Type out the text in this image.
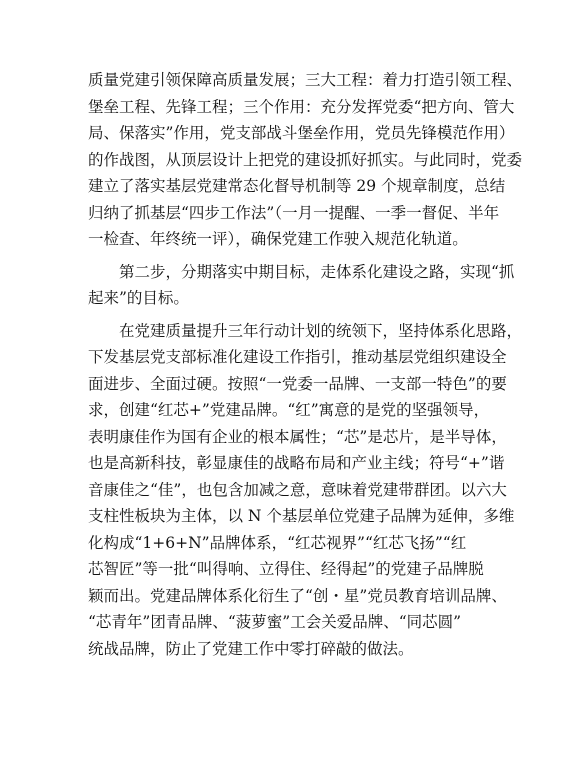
质量党建引领保障高质量发展；三大工程：着力打造引领工程、
堡垒工程、先锋工程；三个作用：充分发挥党委“把方向、管大
局、保落实”作用，党支部战斗堡垒作用，党员先锋模范作用）
的作战图，从顶层设计上把党的建设抓好抓实。与此同时，党委
建立了落实基层党建常态化督导机制等 29 个规章制度，总结
归纳了抓基层“四步工作法”（一月一提醒、一季一督促、半年
一检查、年终统一评），确保党建工作驶入规范化轨道。
第二步，分期落实中期目标，走体系化建设之路，实现“抓
起来”的目标。
在党建质量提升三年行动计划的统领下，坚持体系化思路，
下发基层党支部标准化建设工作指引，推动基层党组织建设全
面进步、全面过硬。按照“一党委一品牌、一支部一特色”的要
求，创建“红芯+”党建品牌。“红”寓意的是党的坚强领导，
表明康佳作为国有企业的根本属性；“芯”是芯片，是半导体，
也是高新科技，彰显康佳的战略布局和产业主线；符号“+”谐
音康佳之“佳”，也包含加减之意，意味着党建带群团。以六大
支柱性板块为主体，以 N 个基层单位党建子品牌为延伸，多维
化构成“1+6+N”品牌体系，“红芯视界”“红芯飞扬”“红
芯智匠”等一批“叫得响、立得住、经得起”的党建子品牌脱
颖而出。党建品牌体系化衍生了“创・星”党员教育培训品牌、
“芯青年”团青品牌、“菠萝蜜”工会关爱品牌、“同芯圆”
统战品牌，防止了党建工作中零打碎敲的做法。
